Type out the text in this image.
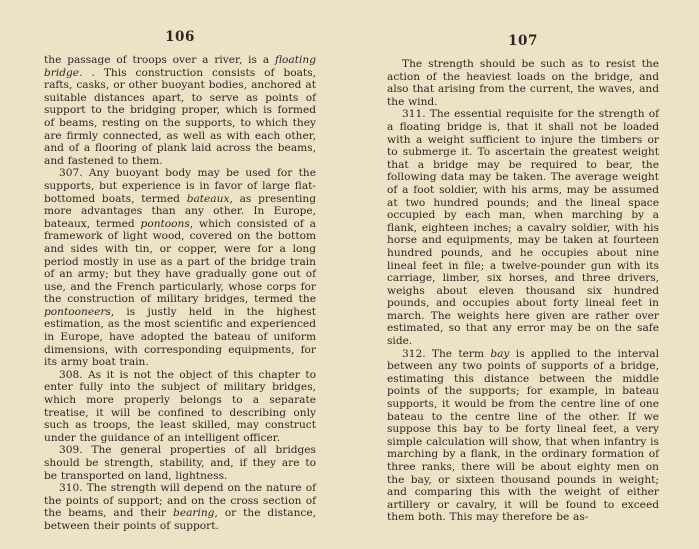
106

the passage of troops over a river, is a floating bridge. . This construction consists of boats, rafts, casks, or other buoyant bodies, anchored at suitable distances apart, to serve as points of support to the bridging proper, which is formed of beams, resting on the supports, to which they are firmly connected, as well as with each other, and of a flooring of plank laid across the beams, and fastened to them.

307. Any buoyant body may be used for the supports, but experience is in favor of large flat-bottomed boats, termed bateaux, as presenting more advantages than any other. In Europe, bateaux, termed pontoons, which consisted of a framework of light wood, covered on the bottom and sides with tin, or copper, were for a long period mostly in use as a part of the bridge train of an army; but they have gradually gone out of use, and the French particularly, whose corps for the construction of military bridges, termed the pontooneers, is justly held in the highest estimation, as the most scientific and experienced in Europe, have adopted the bateau of uniform dimensions, with corresponding equipments, for its army boat train.

308. As it is not the object of this chapter to enter fully into the subject of military bridges, which more properly belongs to a separate treatise, it will be confined to describing only such as troops, the least skilled, may construct under the guidance of an intelligent officer.

309. The general properties of all bridges should be strength, stability, and, if they are to be transported on land, lightness.

310. The strength will depend on the nature of the points of support; and on the cross section of the beams, and their bearing, or the distance, between their points of support.

107

The strength should be such as to resist the action of the heaviest loads on the bridge, and also that arising from the current, the waves, and the wind.

311. The essential requisite for the strength of a floating bridge is, that it shall not be loaded with a weight sufficient to injure the timbers or to submerge it. To ascertain the greatest weight that a bridge may be required to bear, the following data may be taken. The average weight of a foot soldier, with his arms, may be assumed at two hundred pounds; and the lineal space occupied by each man, when marching by a flank, eighteen inches; a cavalry soldier, with his horse and equipments, may be taken at fourteen hundred pounds, and he occupies about nine lineal feet in file; a twelve-pounder gun with its carriage, limber, six horses, and three drivers, weighs about eleven thousand six hundred pounds, and occupies about forty lineal feet in march. The weights here given are rather over estimated, so that any error may be on the safe side.

312. The term bay is applied to the interval between any two points of supports of a bridge, estimating this distance between the middle points of the supports; for example, in bateau supports, it would be from the centre line of one bateau to the centre line of the other. If we suppose this bay to be forty lineal feet, a very simple calculation will show, that when infantry is marching by a flank, in the ordinary formation of three ranks, there will be about eighty men on the bay, or sixteen thousand pounds in weight; and comparing this with the weight of either artillery or cavalry, it will be found to exceed them both. This may therefore be as-
